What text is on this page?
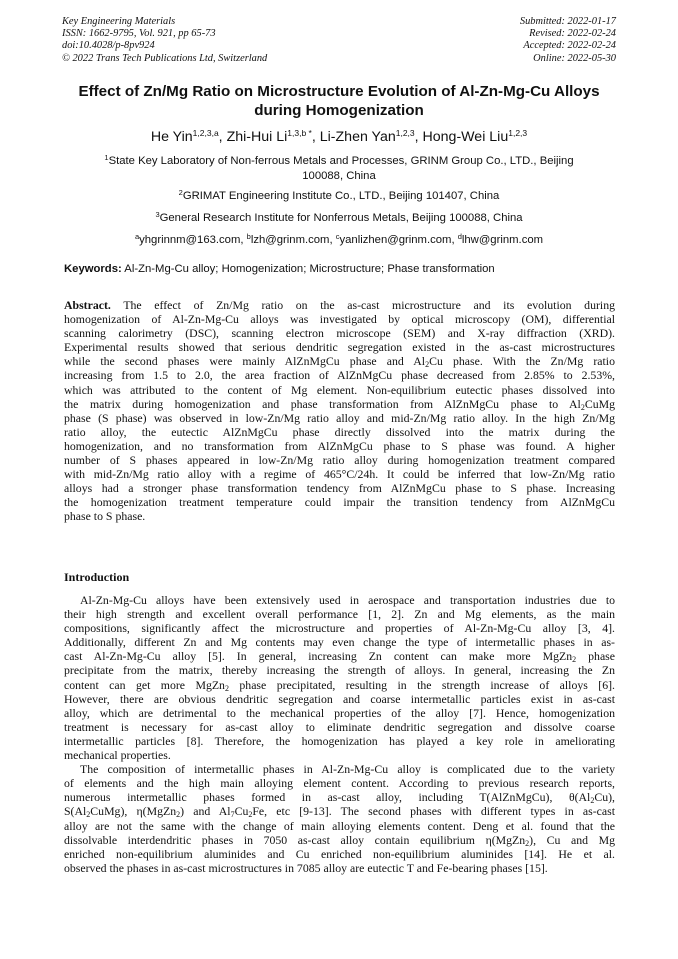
Key Engineering Materials
ISSN: 1662-9795, Vol. 921, pp 65-73
doi:10.4028/p-8pv924
© 2022 Trans Tech Publications Ltd, Switzerland
Submitted: 2022-01-17
Revised: 2022-02-24
Accepted: 2022-02-24
Online: 2022-05-30
Effect of Zn/Mg Ratio on Microstructure Evolution of Al-Zn-Mg-Cu Alloys
during Homogenization
He Yin$^{1,2,3,a}$, Zhi-Hui $Li^{1,3,b *}$, Li-Zhen Yan$^{1,2,3}$, Hong-Wei Liu$^{1,2,3}$
$^1$State Key Laboratory of Non-ferrous Metals and Processes, GRINM Group Co., LTD., Beijing
100088, China
$^2$GRIMAT Engineering Institute Co., LTD., Beijing 101407, China
$^3$General Research Institute for Nonferrous Metals, Beijing 100088, China
$^a$yhgrinnm@163.com, $^b$lzh@grinm.com, $^c$yanlizhen@grinm.com, $^d$lhw@grinm.com
Keywords: Al-Zn-Mg-Cu alloy; Homogenization; Microstructure; Phase transformation
Abstract. The effect of Zn/Mg ratio on the as-cast microstructure and its evolution during
homogenization of Al-Zn-Mg-Cu alloys was investigated by optical microscopy (OM), differential
scanning calorimetry (DSC), scanning electron microscope (SEM) and X-ray diffraction (XRD).
Experimental results showed that serious dendritic segregation existed in the as-cast microstructures
while the second phases were mainly AlZnMgCu phase and $Al_2Cu$ phase. With the Zn/Mg ratio
increasing from 1.5 to 2.0, the area fraction of AlZnMgCu phase decreased from 2.85% to 2.53%,
which was attributed to the content of Mg element. Non-equilibrium eutectic phases dissolved into
the matrix during homogenization and phase transformation from AlZnMgCu phase to $Al_2CuMg$
phase (S phase) was observed in low-Zn/Mg ratio alloy and mid-Zn/Mg ratio alloy. In the high Zn/Mg
ratio alloy, the eutectic AlZnMgCu phase directly dissolved into the matrix during the
homogenization, and no transformation from AlZnMgCu phase to S phase was found. A higher
number of S phases appeared in low-Zn/Mg ratio alloy during homogenization treatment compared
with mid-Zn/Mg ratio alloy with a regime of 465°C/24h. It could be inferred that low-Zn/Mg ratio
alloys had a stronger phase transformation tendency from AlZnMgCu phase to S phase. Increasing
the homogenization treatment temperature could impair the transition tendency from AlZnMgCu
phase to S phase.
Introduction
Al-Zn-Mg-Cu alloys have been extensively used in aerospace and transportation industries due to
their high strength and excellent overall performance [1, 2]. Zn and Mg elements, as the main
compositions, significantly affect the microstructure and properties of Al-Zn-Mg-Cu alloy [3, 4].
Additionally, different Zn and Mg contents may even change the type of intermetallic phases in as-
cast Al-Zn-Mg-Cu alloy [5]. In general, increasing Zn content can make more MgZn$_2$ phase
precipitate from the matrix, thereby increasing the strength of alloys. In general, increasing the Zn
content can get more MgZn$_2$ phase precipitated, resulting in the strength increase of alloys [6].
However, there are obvious dendritic segregation and coarse intermetallic particles exist in as-cast
alloy, which are detrimental to the mechanical properties of the alloy [7]. Hence, homogenization
treatment is necessary for as-cast alloy to eliminate dendritic segregation and dissolve coarse
intermetallic particles [8]. Therefore, the homogenization has played a key role in ameliorating
mechanical properties.
The composition of intermetallic phases in Al-Zn-Mg-Cu alloy is complicated due to the variety
of elements and the high main alloying element content. According to previous research reports,
numerous intermetallic phases formed in as-cast alloy, including T(AlZnMgCu), $\theta(Al_2Cu)$,
$S(Al_2CuMg)$, η(MgZn$_2$) and $Al_7Cu_2Fe$, etc [9-13]. The second phases with different types in as-cast
alloy are not the same with the change of main alloying elements content. Deng et al. found that the
dissolvable interdendritic phases in 7050 as-cast alloy contain equilibrium η(MgZn$_2$), Cu and Mg
enriched non-equilibrium aluminides and Cu enriched non-equilibrium aluminides [14]. He et al.
observed the phases in as-cast microstructures in 7085 alloy are eutectic T and Fe-bearing phases [15].
